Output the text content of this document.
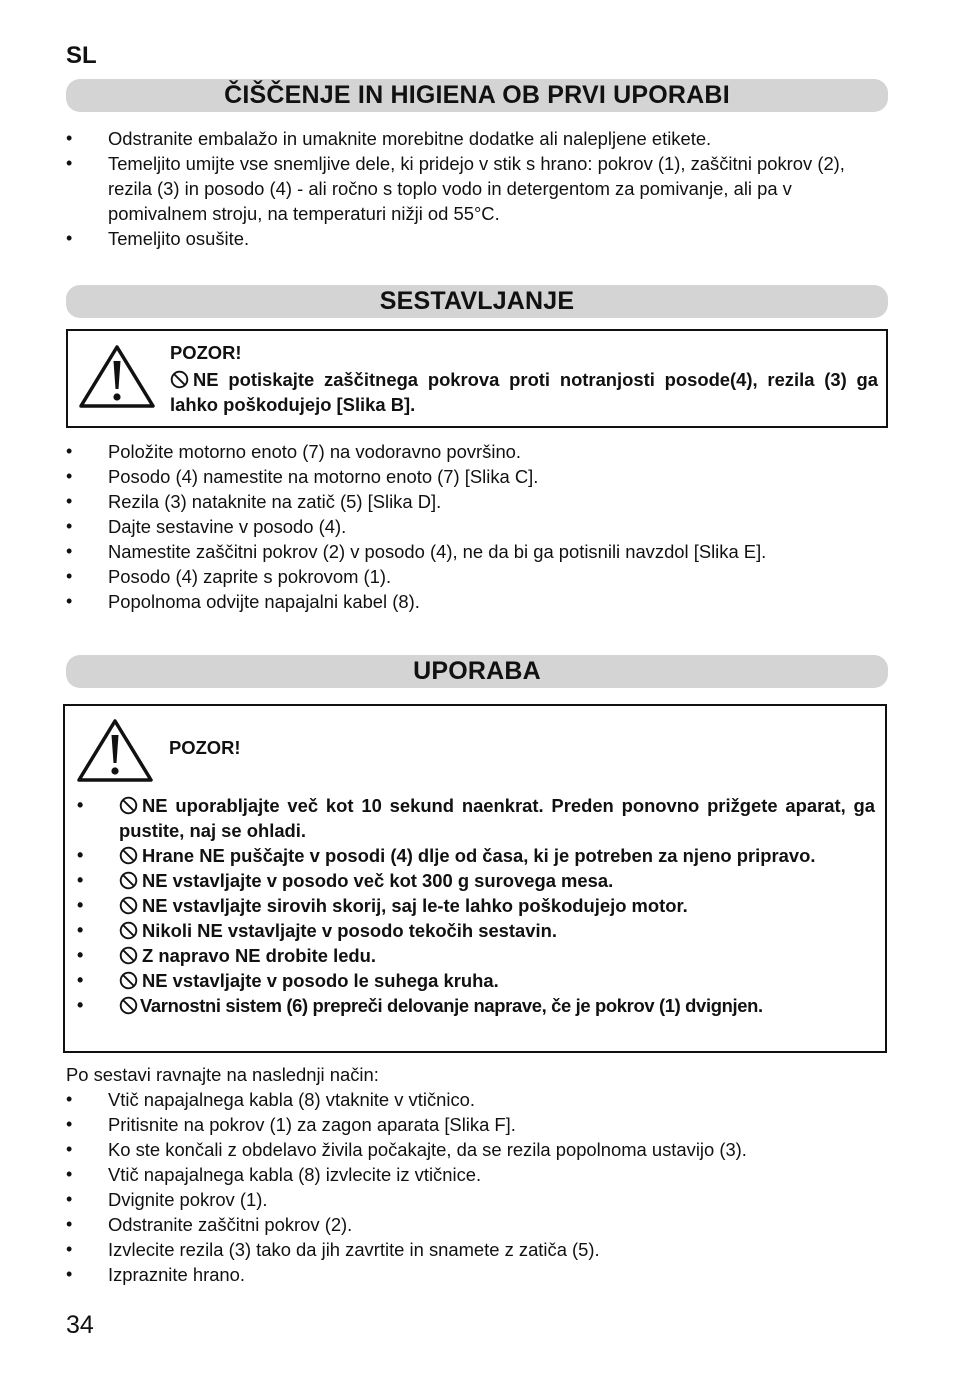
SL
ČIŠČENJE IN HIGIENA OB PRVI UPORABI
• Odstranite embalažo in umaknite morebitne dodatke ali nalepljene etikete.
• Temeljito umijte vse snemljive dele, ki pridejo v stik s hrano: pokrov (1), zaščitni pokrov (2), rezila (3) in posodo (4) - ali ročno s toplo vodo in detergentom za pomivanje, ali pa v pomivalnem stroju, na temperaturi nižji od 55°C.
• Temeljito osušite.
SESTAVLJANJE
POZOR!
NE potiskajte zaščitnega pokrova proti notranjosti posode(4), rezila (3) ga lahko poškodujejo [Slika B].
• Položite motorno enoto (7) na vodoravno površino.
• Posodo (4) namestite na motorno enoto (7) [Slika C].
• Rezila (3) nataknite na zatič (5) [Slika D].
• Dajte sestavine v posodo (4).
• Namestite zaščitni pokrov (2) v posodo (4), ne da bi ga potisnili navzdol [Slika E].
• Posodo (4) zaprite s pokrovom (1).
• Popolnoma odvijte napajalni kabel (8).
UPORABA
POZOR!
• NE uporabljajte več kot 10 sekund naenkrat. Preden ponovno prižgete aparat, ga pustite, naj se ohladi.
• Hrane NE puščajte v posodi (4) dlje od časa, ki je potreben za njeno pripravo.
• NE vstavljajte v posodo več kot 300 g surovega mesa.
• NE vstavljajte sirovih skorij, saj le-te lahko poškodujejo motor.
• Nikoli NE vstavljajte v posodo tekočih sestavin.
• Z napravo NE drobite ledu.
• NE vstavljajte v posodo le suhega kruha.
• Varnostni sistem (6) prepreči delovanje naprave, če je pokrov (1) dvignjen.
Po sestavi ravnajte na naslednji način:
• Vtič napajalnega kabla (8) vtaknite v vtičnico.
• Pritisnite na pokrov (1) za zagon aparata [Slika F].
• Ko ste končali z obdelavo živila počakajte, da se rezila popolnoma ustavijo (3).
• Vtič napajalnega kabla (8) izvlecite iz vtičnice.
• Dvignite pokrov (1).
• Odstranite zaščitni pokrov (2).
• Izvlecite rezila (3) tako da jih zavrtite in snamete z zatiča (5).
• Izpraznite hrano.
34
